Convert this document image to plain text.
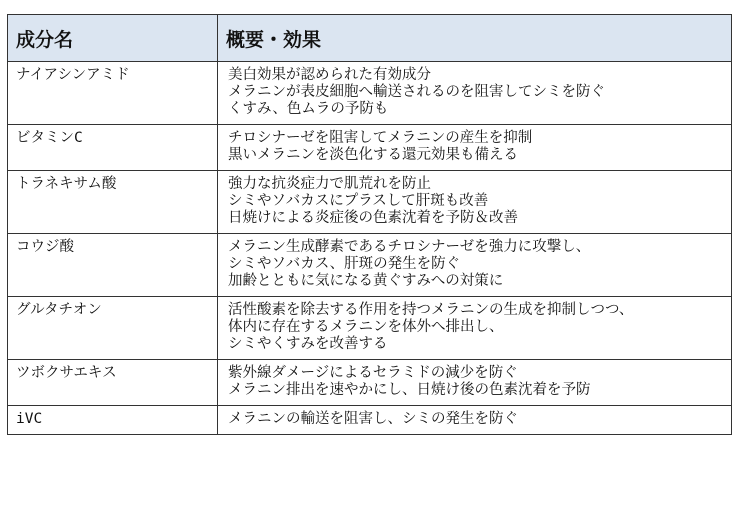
成分名	概要・効果
ナイアシンアミド	美白効果が認められた有効成分
メラニンが表皮細胞へ輸送されるのを阻害してシミを防ぐ
くすみ、色ムラの予防も

ビタミンC	チロシナーゼを阻害してメラニンの産生を抑制
黒いメラニンを淡色化する還元効果も備える

トラネキサム酸	強力な抗炎症力で肌荒れを防止
シミやソバカスにプラスして肝斑も改善
日焼けによる炎症後の色素沈着を予防＆改善

コウジ酸	メラニン生成酵素であるチロシナーゼを強力に攻撃し、
シミやソバカス、肝斑の発生を防ぐ
加齢とともに気になる黄ぐすみへの対策に

グルタチオン	活性酸素を除去する作用を持つメラニンの生成を抑制しつつ、
体内に存在するメラニンを体外へ排出し、
シミやくすみを改善する

ツボクサエキス	紫外線ダメージによるセラミドの減少を防ぐ
メラニン排出を速やかにし、日焼け後の色素沈着を予防

iVC	メラニンの輸送を阻害し、シミの発生を防ぐ
